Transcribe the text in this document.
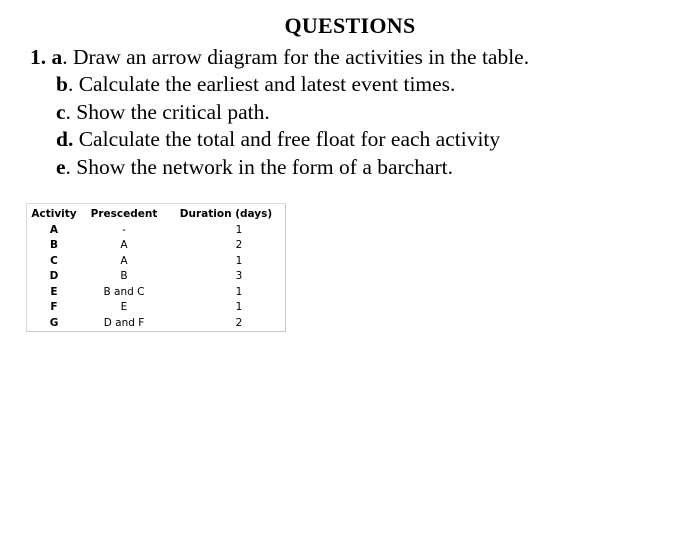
QUESTIONS
1. a. Draw an arrow diagram for the activities in the table.
b. Calculate the earliest and latest event times.
c. Show the critical path.
d. Calculate the total and free float for each activity
e. Show the network in the form of a barchart.
Activity	Prescedent	Duration (days)
A	-	1
B	A	2
C	A	1
D	B	3
E	B and C	1
F	E	1
G	D and F	2
